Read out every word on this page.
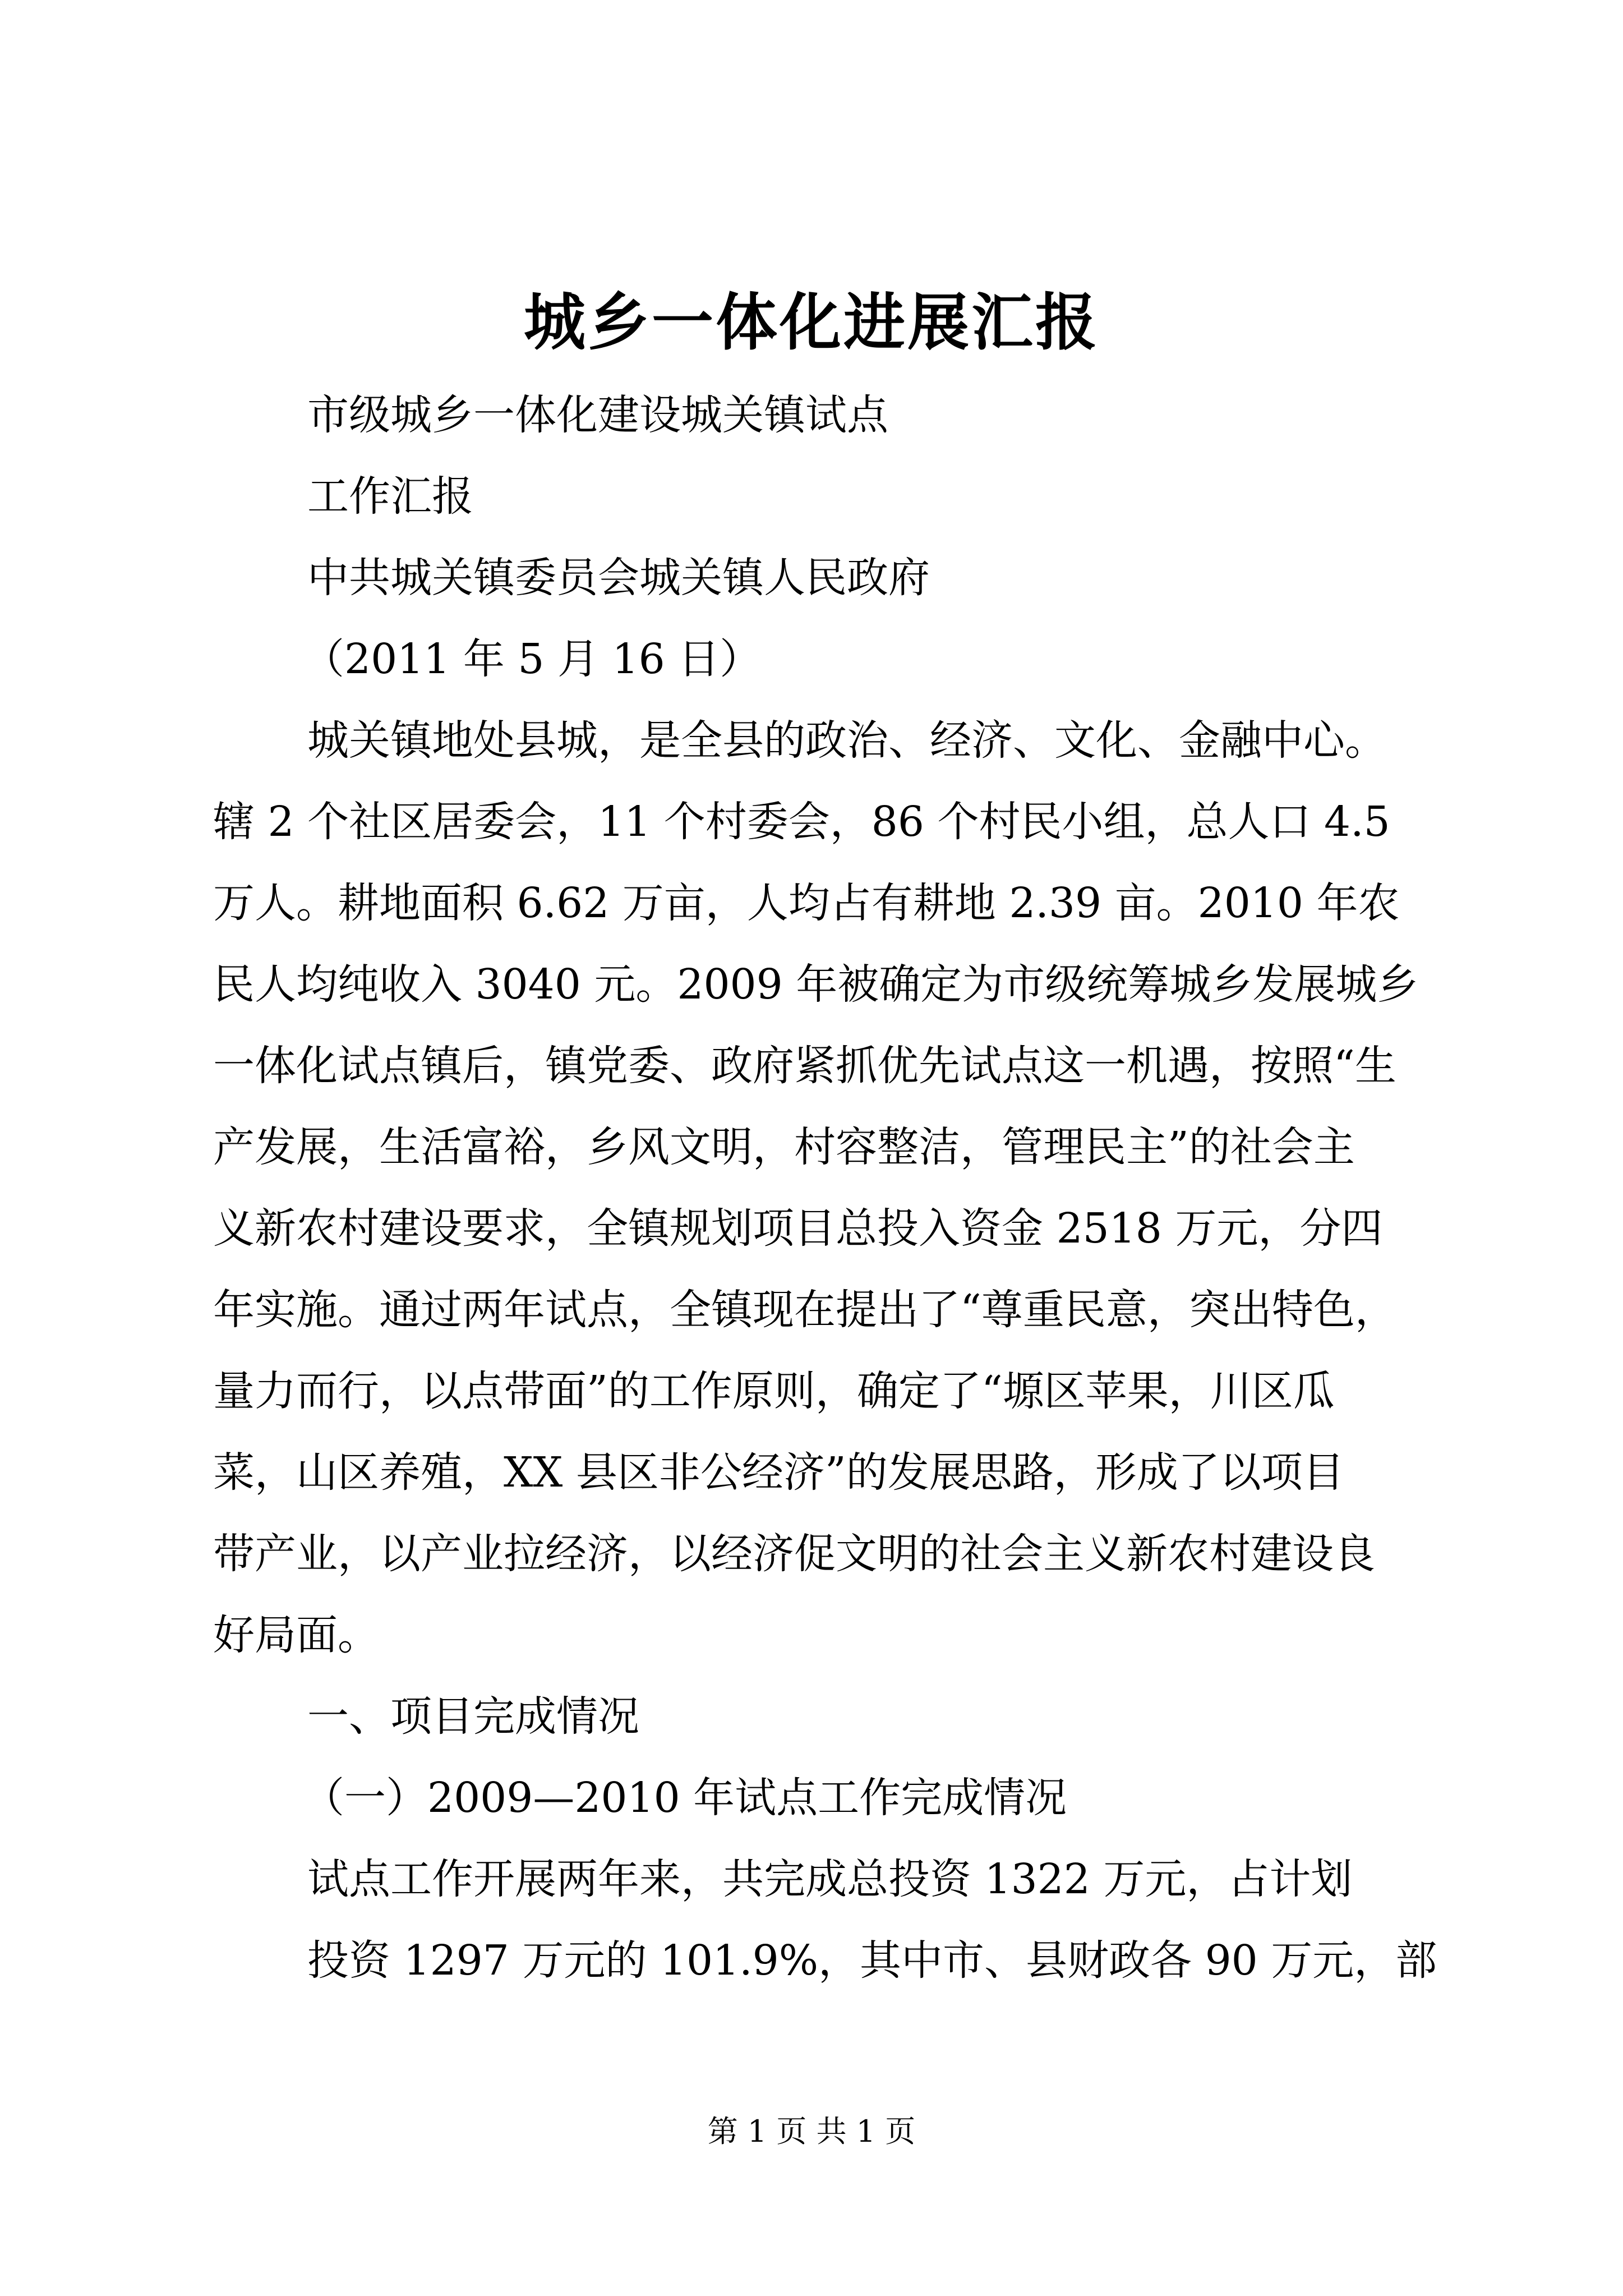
城乡一体化进展汇报
市级城乡一体化建设城关镇试点
工作汇报
中共城关镇委员会城关镇人民政府
（2011 年 5 月 16 日）
城关镇地处县城，是全县的政治、经济、文化、金融中心。
辖 2 个社区居委会，11 个村委会，86 个村民小组，总人口 4.5
万人。耕地面积 6.62 万亩，人均占有耕地 2.39 亩。2010 年农
民人均纯收入 3040 元。2009 年被确定为市级统筹城乡发展城乡
一体化试点镇后，镇党委、政府紧抓优先试点这一机遇，按照“生
产发展，生活富裕，乡风文明，村容整洁，管理民主”的社会主
义新农村建设要求，全镇规划项目总投入资金 2518 万元，分四
年实施。通过两年试点，全镇现在提出了“尊重民意，突出特色，
量力而行，以点带面”的工作原则，确定了“塬区苹果，川区瓜
菜，山区养殖，XX 县区非公经济”的发展思路，形成了以项目
带产业，以产业拉经济，以经济促文明的社会主义新农村建设良
好局面。
一、项目完成情况
（一）2009—2010 年试点工作完成情况
试点工作开展两年来，共完成总投资 1322 万元，占计划
投资 1297 万元的 101.9%，其中市、县财政各 90 万元，部
第 1 页 共 1 页
